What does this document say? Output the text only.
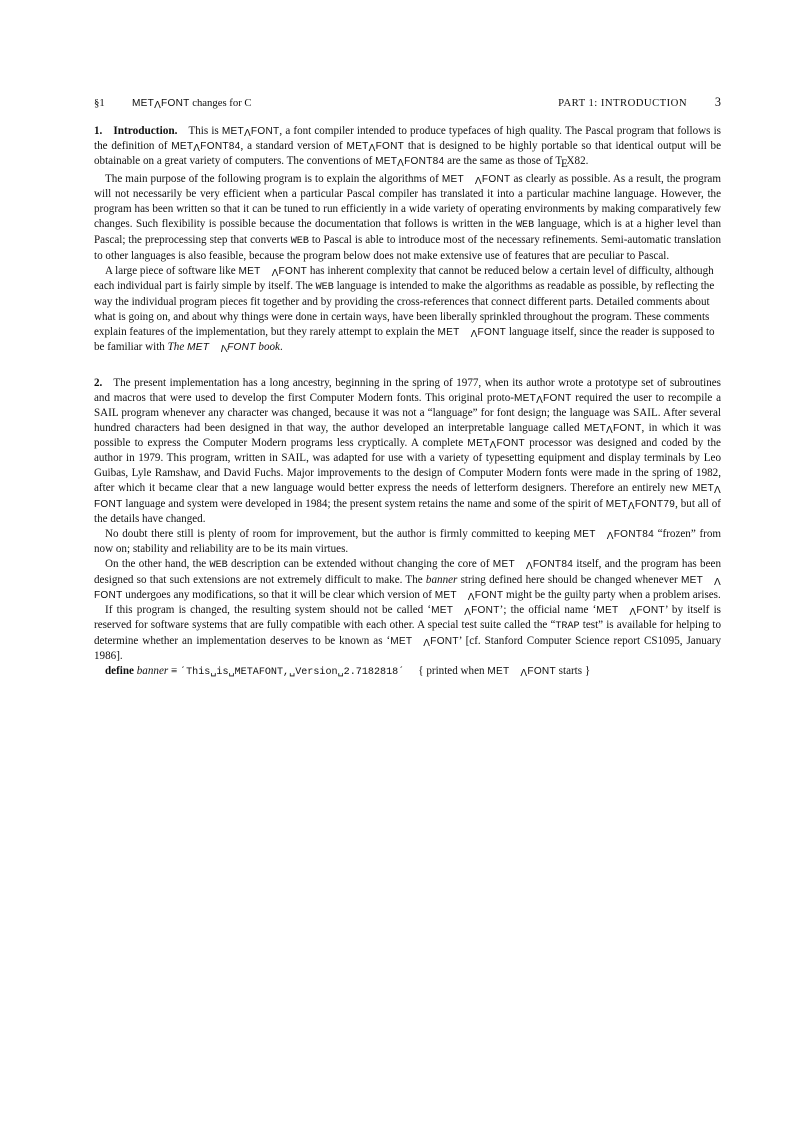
§1	METVFONT changes for C	PART 1: INTRODUCTION	3

1. Introduction. This is METVFONT, a font compiler intended to produce typefaces of high quality. The Pascal program that follows is the definition of METVFONT84, a standard version of METVFONT that is designed to be highly portable so that identical output will be obtainable on a great variety of computers. The conventions of METVFONT84 are the same as those of TEX82.

The main purpose of the following program is to explain the algorithms of MET VFONT as clearly as possible. As a result, the program will not necessarily be very efficient when a particular Pascal compiler has translated it into a particular machine language. However, the program has been written so that it can be tuned to run efficiently in a wide variety of operating environments by making comparatively few changes. Such flexibility is possible because the documentation that follows is written in the WEB language, which is at a higher level than Pascal; the preprocessing step that converts WEB to Pascal is able to introduce most of the necessary refinements. Semi-automatic translation to other languages is also feasible, because the program below does not make extensive use of features that are peculiar to Pascal.

A large piece of software like MET VFONT has inherent complexity that cannot be reduced below a certain level of difficulty, although each individual part is fairly simple by itself. The WEB language is intended to make the algorithms as readable as possible, by reflecting the way the individual program pieces fit together and by providing the cross-references that connect different parts. Detailed comments about what is going on, and about why things were done in certain ways, have been liberally sprinkled throughout the program. These comments explain features of the implementation, but they rarely attempt to explain the MET VFONT language itself, since the reader is supposed to be familiar with The MET VFONT book.

2. The present implementation has a long ancestry, beginning in the spring of 1977, when its author wrote a prototype set of subroutines and macros that were used to develop the first Computer Modern fonts. This original proto-METVFONT required the user to recompile a SAIL program whenever any character was changed, because it was not a “language” for font design; the language was SAIL. After several hundred characters had been designed in that way, the author developed an interpretable language called METVFONT, in which it was possible to express the Computer Modern programs less cryptically. A complete METVFONT processor was designed and coded by the author in 1979. This program, written in SAIL, was adapted for use with a variety of typesetting equipment and display terminals by Leo Guibas, Lyle Ramshaw, and David Fuchs. Major improvements to the design of Computer Modern fonts were made in the spring of 1982, after which it became clear that a new language would better express the needs of letterform designers. Therefore an entirely new METVFONT language and system were developed in 1984; the present system retains the name and some of the spirit of METVFONT79, but all of the details have changed.

No doubt there still is plenty of room for improvement, but the author is firmly committed to keeping MET VFONT84 “frozen” from now on; stability and reliability are to be its main virtues.

On the other hand, the WEB description can be extended without changing the core of MET VFONT84 itself, and the program has been designed so that such extensions are not extremely difficult to make. The banner string defined here should be changed whenever MET VFONT undergoes any modifications, so that it will be clear which version of MET VFONT might be the guilty party when a problem arises.

If this program is changed, the resulting system should not be called ‘MET VFONT’; the official name ‘MET VFONT’ by itself is reserved for software systems that are fully compatible with each other. A special test suite called the “TRAP test” is available for helping to determine whether an implementation deserves to be known as ‘MET VFONT’ [cf. Stanford Computer Science report CS1095, January 1986].

define banner ≡ ˊThis␣is␣METAFONT,␣Version␣2.7182818ˊ { printed when MET VFONT starts }
